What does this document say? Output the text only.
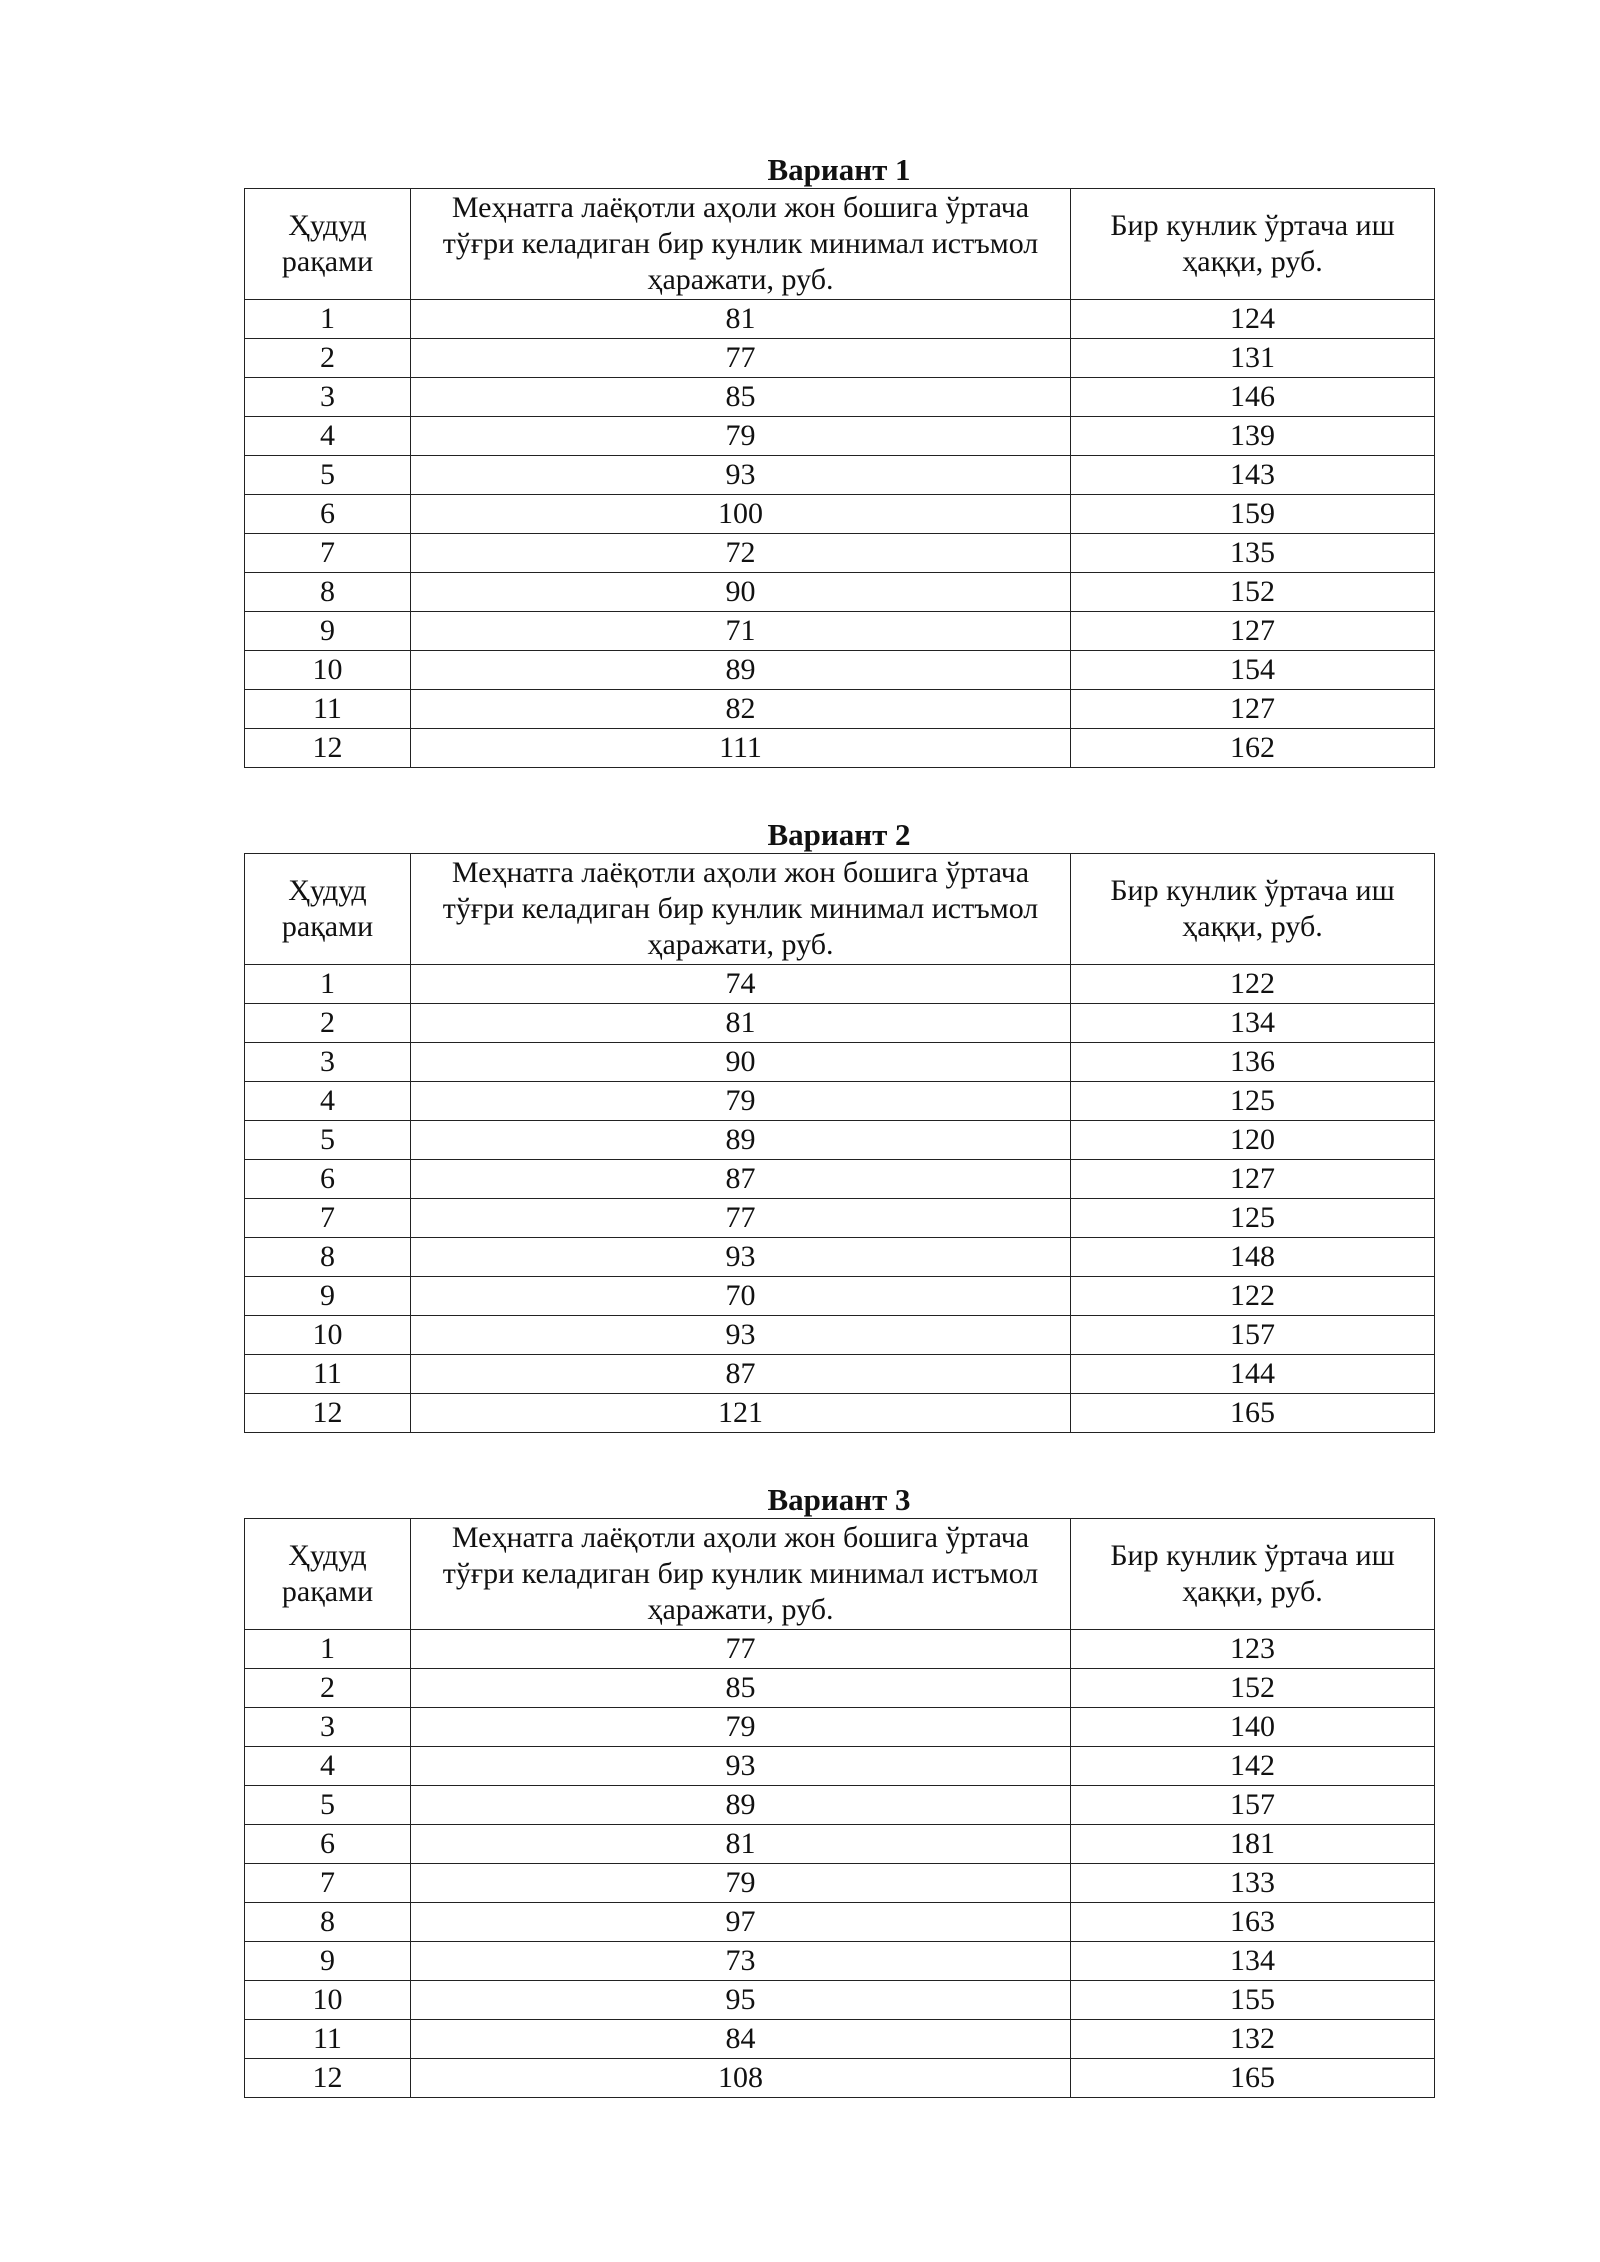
Вариант 1
Ҳудуд рақами	Меҳнатга лаёқотли аҳоли жон бошига ўртача тўғри келадиган бир кунлик минимал истъмол ҳаражати, руб.	Бир кунлик ўртача иш ҳаққи, руб.
1	81	124
2	77	131
3	85	146
4	79	139
5	93	143
6	100	159
7	72	135
8	90	152
9	71	127
10	89	154
11	82	127
12	111	162
Вариант 2
Ҳудуд рақами	Меҳнатга лаёқотли аҳоли жон бошига ўртача тўғри келадиган бир кунлик минимал истъмол ҳаражати, руб.	Бир кунлик ўртача иш ҳаққи, руб.
1	74	122
2	81	134
3	90	136
4	79	125
5	89	120
6	87	127
7	77	125
8	93	148
9	70	122
10	93	157
11	87	144
12	121	165
Вариант 3
Ҳудуд рақами	Меҳнатга лаёқотли аҳоли жон бошига ўртача тўғри келадиган бир кунлик минимал истъмол ҳаражати, руб.	Бир кунлик ўртача иш ҳаққи, руб.
1	77	123
2	85	152
3	79	140
4	93	142
5	89	157
6	81	181
7	79	133
8	97	163
9	73	134
10	95	155
11	84	132
12	108	165
